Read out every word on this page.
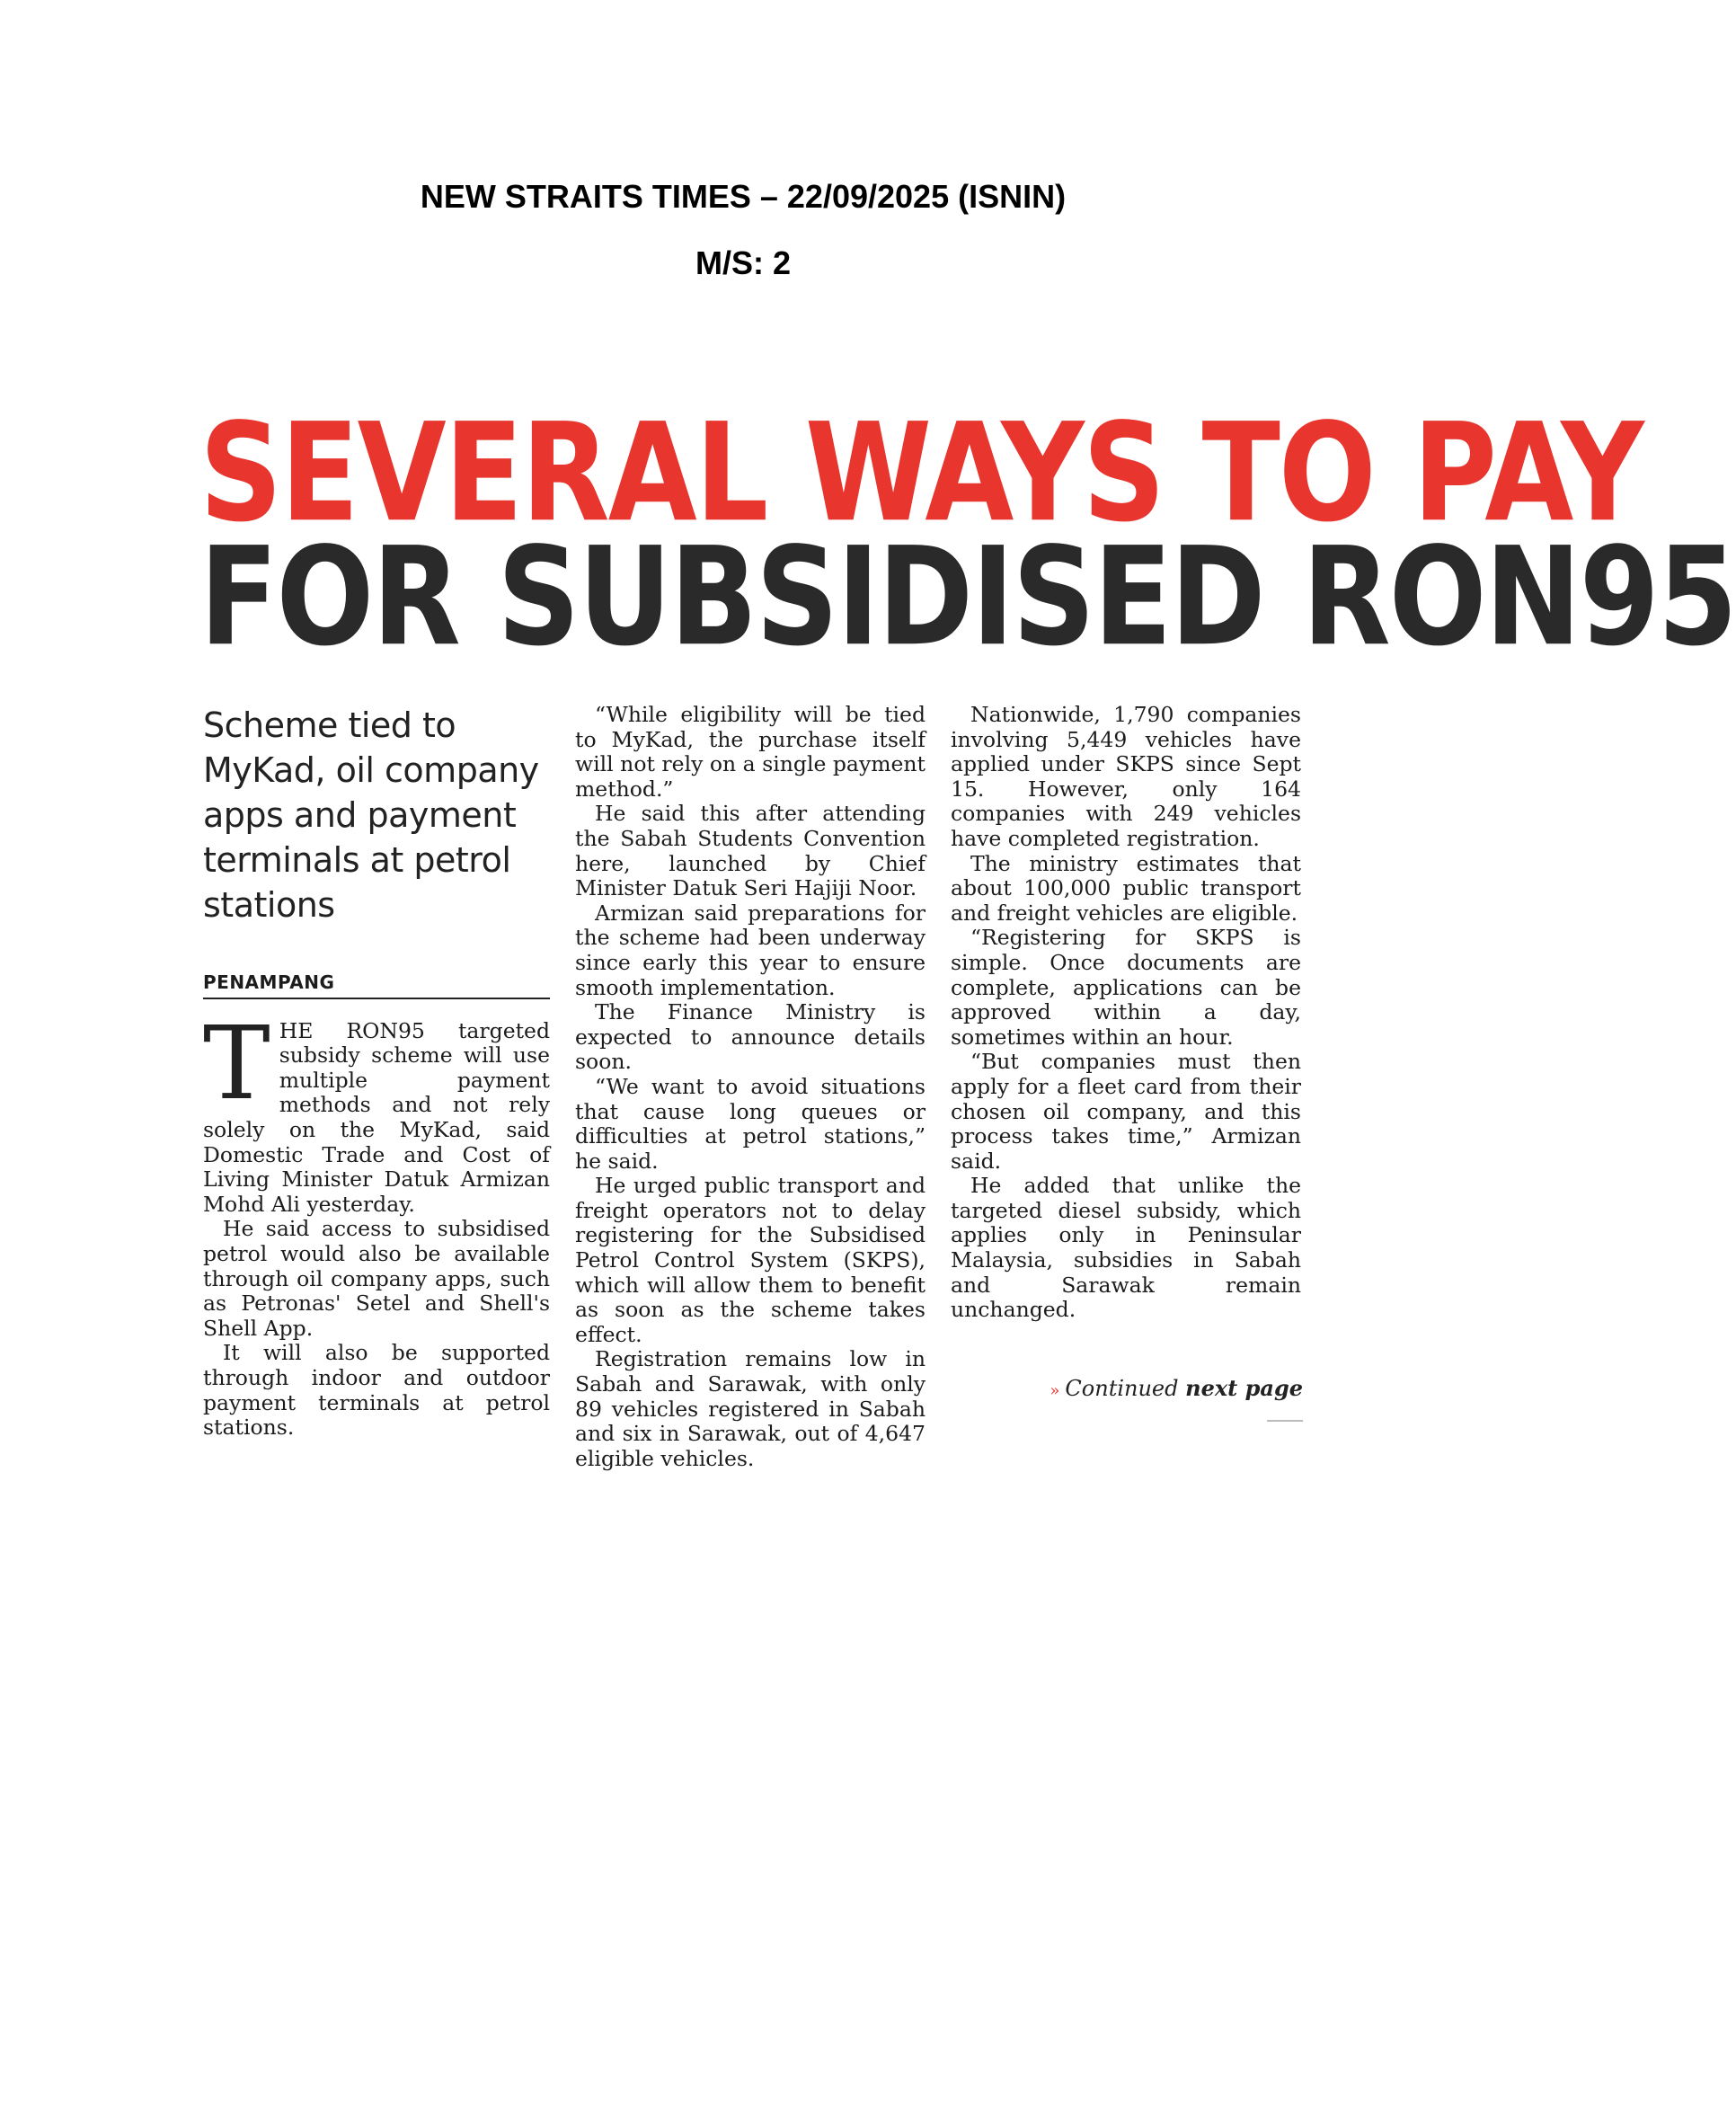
NEW STRAITS TIMES – 22/09/2025 (ISNIN)
M/S: 2
SEVERAL WAYS TO PAY
FOR SUBSIDISED RON95
Scheme tied to MyKad, oil company apps and payment terminals at petrol stations
PENAMPANG

THE RON95 targeted subsidy scheme will use multiple payment methods and not rely solely on the MyKad, said Domestic Trade and Cost of Living Minister Datuk Armizan Mohd Ali yesterday.

He said access to subsidised petrol would also be available through oil company apps, such as Petronas' Setel and Shell's Shell App.

It will also be supported through indoor and outdoor payment terminals at petrol stations.

“While eligibility will be tied to MyKad, the purchase itself will not rely on a single payment method.”

He said this after attending the Sabah Students Convention here, launched by Chief Minister Datuk Seri Hajiji Noor.

Armizan said preparations for the scheme had been underway since early this year to ensure smooth implementation.

The Finance Ministry is expected to announce details soon.

“We want to avoid situations that cause long queues or difficulties at petrol stations,” he said.

He urged public transport and freight operators not to delay registering for the Subsidised Petrol Control System (SKPS), which will allow them to benefit as soon as the scheme takes effect.

Registration remains low in Sabah and Sarawak, with only 89 vehicles registered in Sabah and six in Sarawak, out of 4,647 eligible vehicles.

Nationwide, 1,790 companies involving 5,449 vehicles have applied under SKPS since Sept 15. However, only 164 companies with 249 vehicles have completed registration.

The ministry estimates that about 100,000 public transport and freight vehicles are eligible.

“Registering for SKPS is simple. Once documents are complete, applications can be approved within a day, sometimes within an hour.

“But companies must then apply for a fleet card from their chosen oil company, and this process takes time,” Armizan said.

He added that unlike the targeted diesel subsidy, which applies only in Peninsular Malaysia, subsidies in Sabah and Sarawak remain unchanged.

» Continued next page
